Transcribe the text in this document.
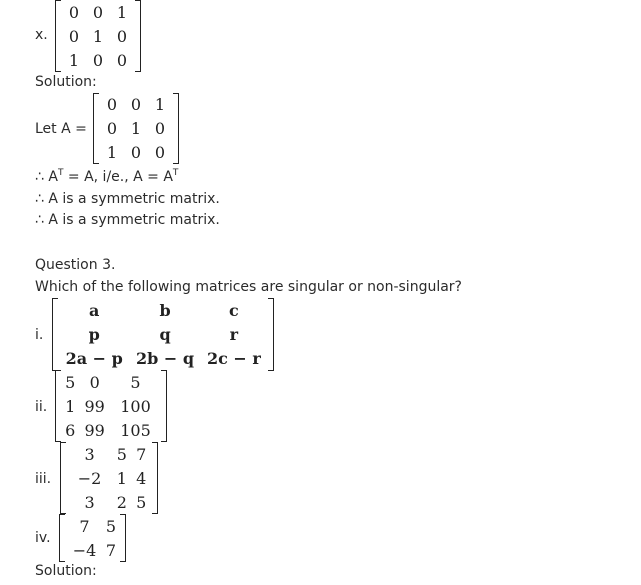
x.
0	0	1
0	1	0
1	0	0
Solution:
Let A =
0	0	1
0	1	0
1	0	0
∴ $A^T = A$, i/e., $A = A^T$
∴ A is a symmetric matrix.
∴ A is a symmetric matrix.
Question 3.
Which of the following matrices are singular or non-singular?
i.
a	b	c
p	q	r
2a − p	2b − q	2c − r
ii.
5	0	5
1	99	100
6	99	105
iii.
3	5	7
−2	1	4
3	2	5
iv.
7	5
−4	7
Solution:
